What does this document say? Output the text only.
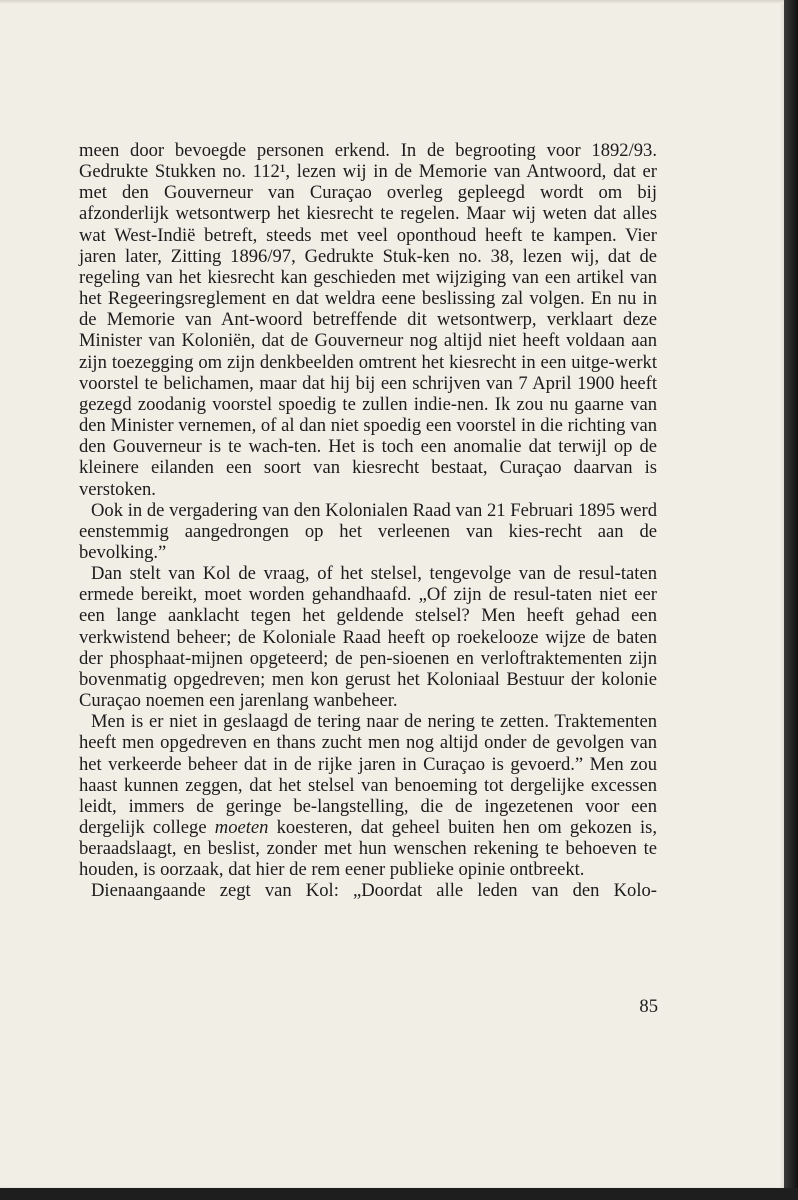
meen door bevoegde personen erkend. In de begrooting voor 1892/93. Gedrukte Stukken no. 112¹, lezen wij in de Memorie van Antwoord, dat er met den Gouverneur van Curaçao overleg gepleegd wordt om bij afzonderlijk wetsontwerp het kiesrecht te regelen. Maar wij weten dat alles wat West‑Indië betreft, steeds met veel oponthoud heeft te kampen. Vier jaren later, Zitting 1896/97, Gedrukte Stuk‑ken no. 38, lezen wij, dat de regeling van het kiesrecht kan geschieden met wijziging van een artikel van het Regeeringsreglement en dat weldra eene beslissing zal volgen. En nu in de Memorie van Ant‑woord betreffende dit wetsontwerp, verklaart deze Minister van Koloniën, dat de Gouverneur nog altijd niet heeft voldaan aan zijn toezegging om zijn denkbeelden omtrent het kiesrecht in een uitge‑werkt voorstel te belichamen, maar dat hij bij een schrijven van 7 April 1900 heeft gezegd zoodanig voorstel spoedig te zullen indie‑nen. Ik zou nu gaarne van den Minister vernemen, of al dan niet spoedig een voorstel in die richting van den Gouverneur is te wach‑ten. Het is toch een anomalie dat terwijl op de kleinere eilanden een soort van kiesrecht bestaat, Curaçao daarvan is verstoken.

Ook in de vergadering van den Kolonialen Raad van 21 Februari 1895 werd eenstemmig aangedrongen op het verleenen van kies‑recht aan de bevolking.”

Dan stelt van Kol de vraag, of het stelsel, tengevolge van de resul‑taten ermede bereikt, moet worden gehandhaafd. „Of zijn de resul‑taten niet eer een lange aanklacht tegen het geldende stelsel? Men heeft gehad een verkwistend beheer; de Koloniale Raad heeft op roekelooze wijze de baten der phosphaat‑mijnen opgeteerd; de pen‑sioenen en verloftraktementen zijn bovenmatig opgedreven; men kon gerust het Koloniaal Bestuur der kolonie Curaçao noemen een jarenlang wanbeheer.

Men is er niet in geslaagd de tering naar de nering te zetten. Traktementen heeft men opgedreven en thans zucht men nog altijd onder de gevolgen van het verkeerde beheer dat in de rijke jaren in Curaçao is gevoerd.” Men zou haast kunnen zeggen, dat het stelsel van benoeming tot dergelijke excessen leidt, immers de geringe be‑langstelling, die de ingezetenen voor een dergelijk college moeten koesteren, dat geheel buiten hen om gekozen is, beraadslaagt, en beslist, zonder met hun wenschen rekening te behoeven te houden, is oorzaak, dat hier de rem eener publieke opinie ontbreekt.

Dienaangaande zegt van Kol: „Doordat alle leden van den Kolo‑

85
